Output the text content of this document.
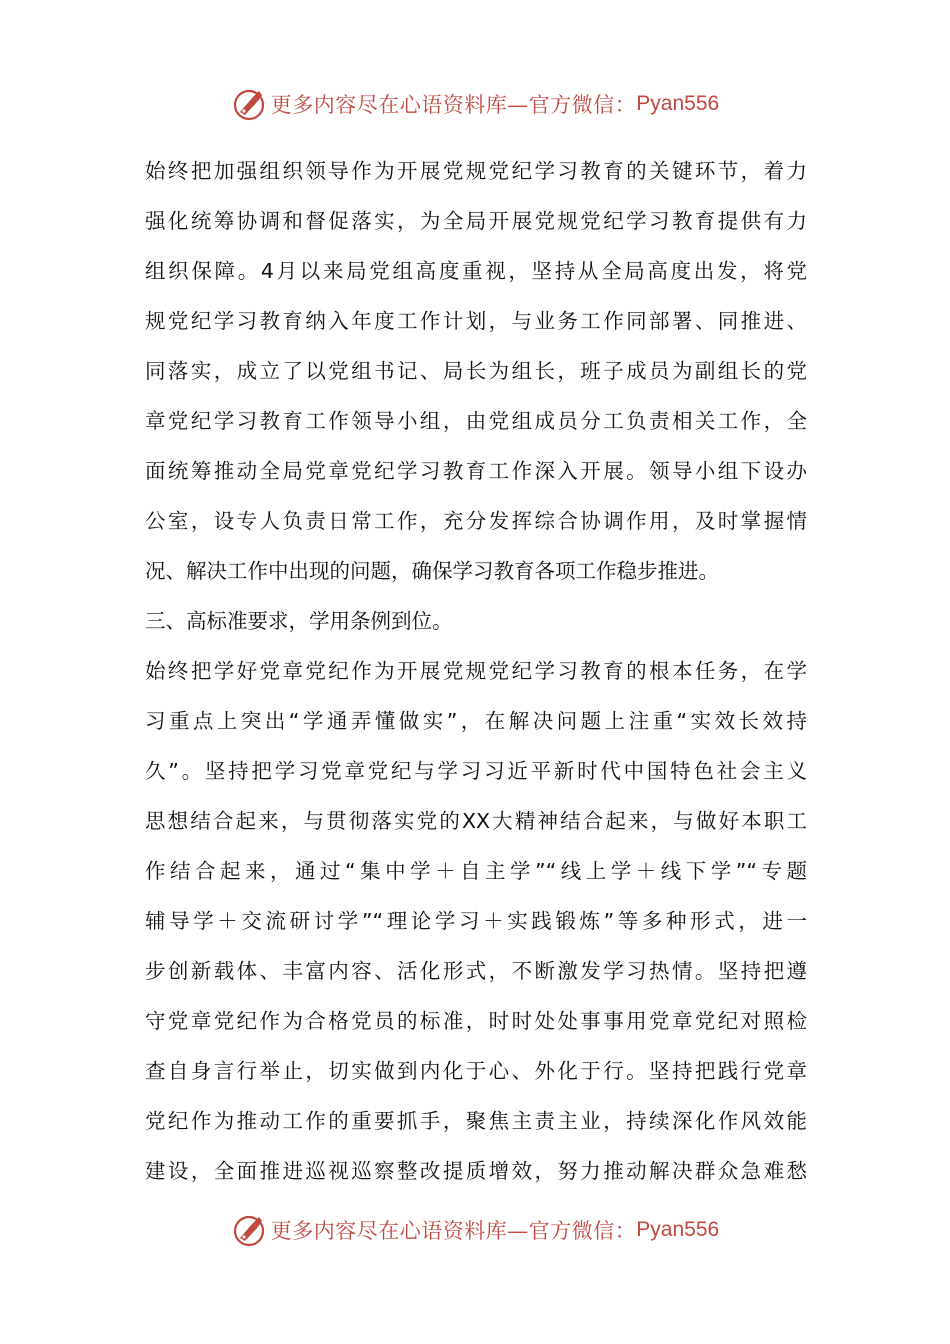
更多内容尽在心语资料库—官方微信： Pyan556
始终把加强组织领导作为开展党规党纪学习教育的关键环节，着力
强化统筹协调和督促落实，为全局开展党规党纪学习教育提供有力
组织保障。4月以来局党组高度重视，坚持从全局高度出发，将党
规党纪学习教育纳入年度工作计划，与业务工作同部署、同推进、
同落实，成立了以党组书记、局长为组长，班子成员为副组长的党
章党纪学习教育工作领导小组，由党组成员分工负责相关工作，全
面统筹推动全局党章党纪学习教育工作深入开展。领导小组下设办
公室，设专人负责日常工作，充分发挥综合协调作用，及时掌握情
况、解决工作中出现的问题，确保学习教育各项工作稳步推进。
三、高标准要求，学用条例到位。
始终把学好党章党纪作为开展党规党纪学习教育的根本任务，在学
习重点上突出“学通弄懂做实”，在解决问题上注重“实效长效持
久”。坚持把学习党章党纪与学习习近平新时代中国特色社会主义
思想结合起来，与贯彻落实党的XX大精神结合起来，与做好本职工
作结合起来，通过“集中学＋自主学”“线上学＋线下学”“专题
辅导学＋交流研讨学”“理论学习＋实践锻炼”等多种形式，进一
步创新载体、丰富内容、活化形式，不断激发学习热情。坚持把遵
守党章党纪作为合格党员的标准，时时处处事事用党章党纪对照检
查自身言行举止，切实做到内化于心、外化于行。坚持把践行党章
党纪作为推动工作的重要抓手，聚焦主责主业，持续深化作风效能
建设，全面推进巡视巡察整改提质增效，努力推动解决群众急难愁
更多内容尽在心语资料库—官方微信： Pyan556
